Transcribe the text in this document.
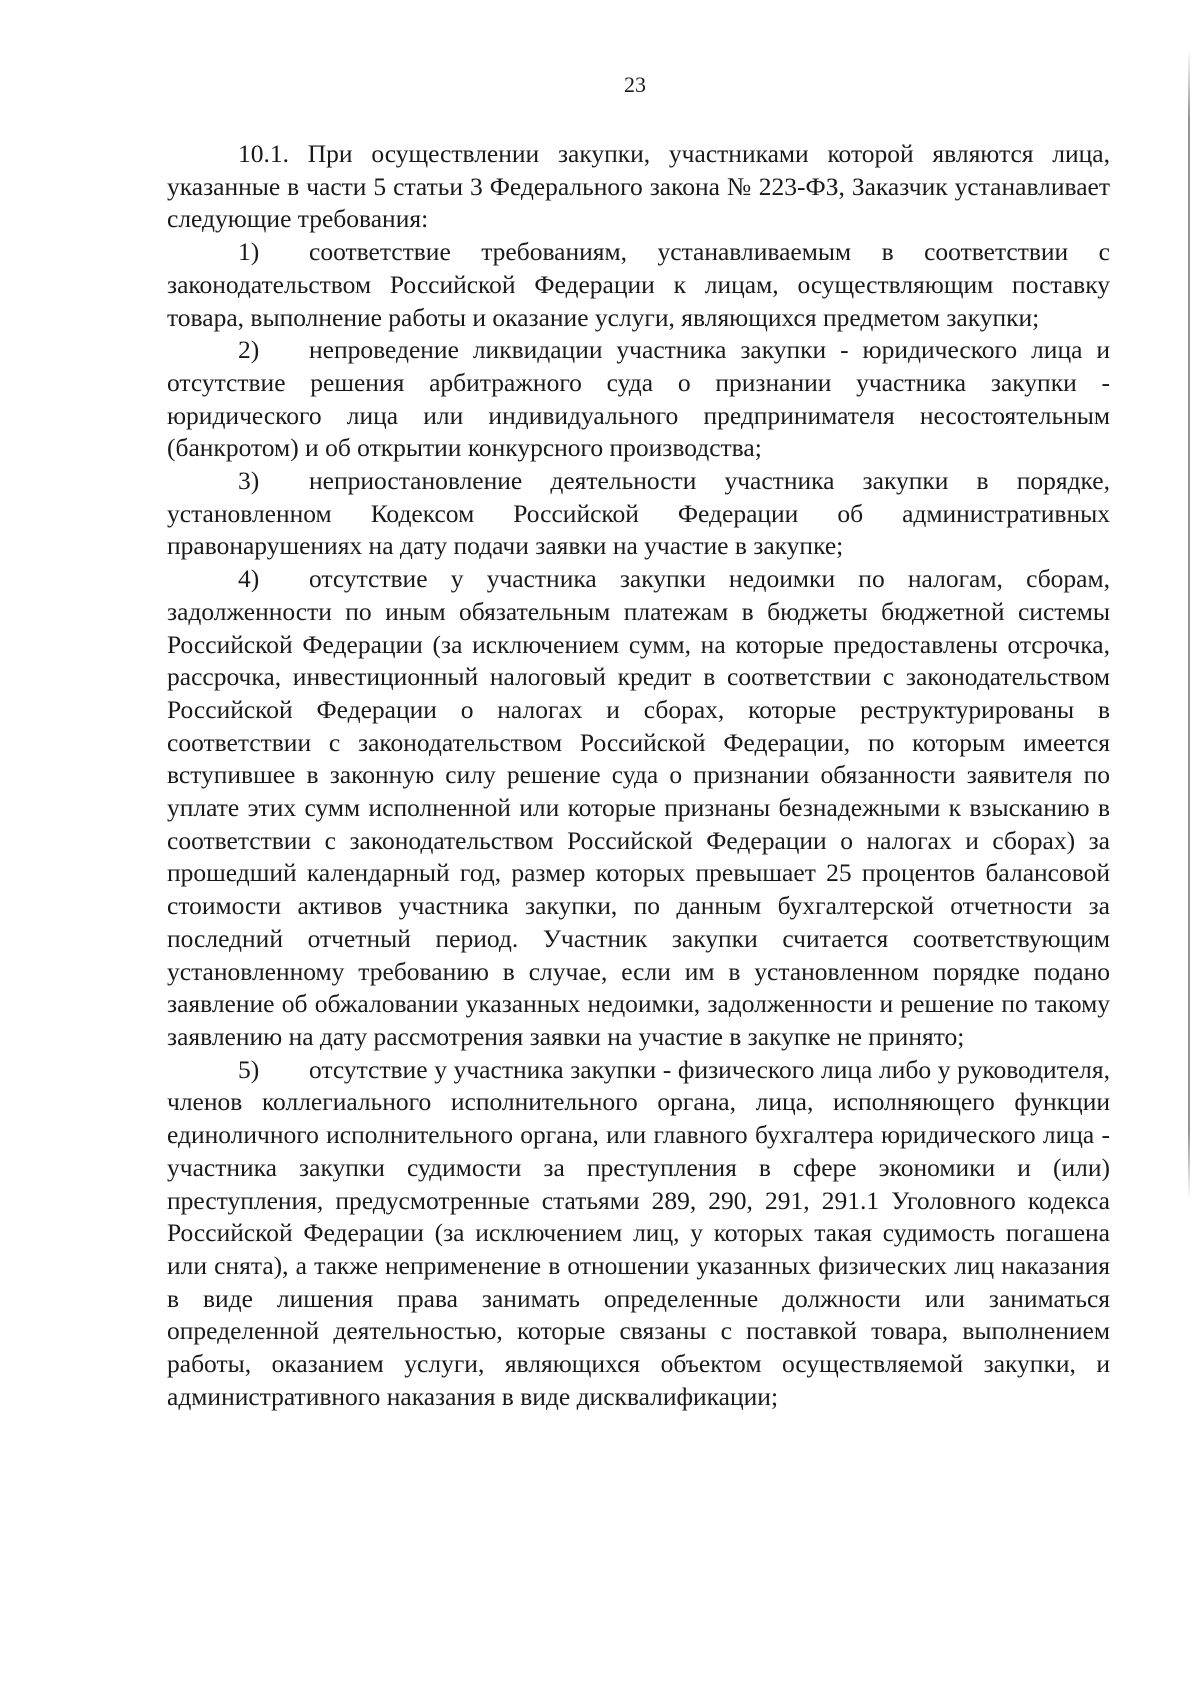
23

10.1. При осуществлении закупки, участниками которой являются лица, указанные в части 5 статьи 3 Федерального закона № 223-ФЗ, Заказчик устанавливает следующие требования:

1) соответствие требованиям, устанавливаемым в соответствии с законодательством Российской Федерации к лицам, осуществляющим поставку товара, выполнение работы и оказание услуги, являющихся предметом закупки;

2) непроведение ликвидации участника закупки - юридического лица и отсутствие решения арбитражного суда о признании участника закупки - юридического лица или индивидуального предпринимателя несостоятельным (банкротом) и об открытии конкурсного производства;

3) неприостановление деятельности участника закупки в порядке, установленном Кодексом Российской Федерации об административных правонарушениях на дату подачи заявки на участие в закупке;

4) отсутствие у участника закупки недоимки по налогам, сборам, задолженности по иным обязательным платежам в бюджеты бюджетной системы Российской Федерации (за исключением сумм, на которые предоставлены отсрочка, рассрочка, инвестиционный налоговый кредит в соответствии с законодательством Российской Федерации о налогах и сборах, которые реструктурированы в соответствии с законодательством Российской Федерации, по которым имеется вступившее в законную силу решение суда о признании обязанности заявителя по уплате этих сумм исполненной или которые признаны безнадежными к взысканию в соответствии с законодательством Российской Федерации о налогах и сборах) за прошедший календарный год, размер которых превышает 25 процентов балансовой стоимости активов участника закупки, по данным бухгалтерской отчетности за последний отчетный период. Участник закупки считается соответствующим установленному требованию в случае, если им в установленном порядке подано заявление об обжаловании указанных недоимки, задолженности и решение по такому заявлению на дату рассмотрения заявки на участие в закупке не принято;

5) отсутствие у участника закупки - физического лица либо у руководителя, членов коллегиального исполнительного органа, лица, исполняющего функции единоличного исполнительного органа, или главного бухгалтера юридического лица - участника закупки судимости за преступления в сфере экономики и (или) преступления, предусмотренные статьями 289, 290, 291, 291.1 Уголовного кодекса Российской Федерации (за исключением лиц, у которых такая судимость погашена или снята), а также неприменение в отношении указанных физических лиц наказания в виде лишения права занимать определенные должности или заниматься определенной деятельностью, которые связаны с поставкой товара, выполнением работы, оказанием услуги, являющихся объектом осуществляемой закупки, и административного наказания в виде дисквалификации;
